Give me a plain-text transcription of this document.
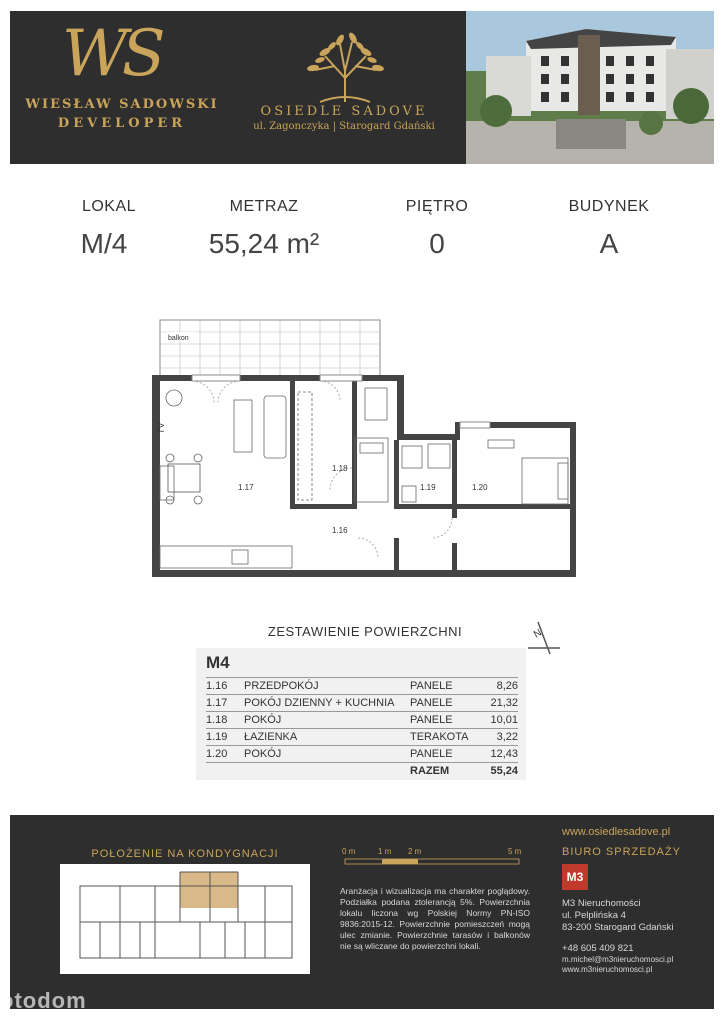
WS
WIESŁAW SADOWSKI
DEVELOPER
OSIEDLE SADOVE
ul. Zagonczyka | Starogard Gdański
LOKAL
M/4
METRAZ
55,24 m²
PIĘTRO
0
BUDYNEK
A
balkon
TV
1.17
1.18
1.16
1.19	1.20
ZESTAWIENIE POWIERZCHNI	N
M4
1.16 PRZEDPOKÓJ	PANELE	8,26
1.17 POKÓJ DZIENNY + KUCHNIA PANELE	21,32
1.18 POKÓJ	PANELE	10,01
1.19 ŁAZIENKA	TERAKOTA	3,22
1.20 POKÓJ	PANELE	12,43
RAZEM	55,24
POŁOŻENIE NA KONDYGNACJI	0 m	1 m 2 m	5 m
Aranżacja i wizualizacja ma charakter poglądowy. Podziałka podana ztolerancją 5%. Powierzchnia lokalu liczona wg Polskiej Normy PN-ISO 9836:2015-12. Powierzchnie pomieszczeń mogą ulec zmianie. Powierzchnie tarasów i balkonów nie są wliczane do powierzchni lokali.
www.osiedlesadove.pl
BIURO SPRZEDAŻY
M3
M3 Nieruchomości
ul. Pelplińska 4
83-200 Starogard Gdański
+48 605 409 821
m.michel@m3nieruchomosci.pl
www.m3nieruchomosci.pl
otodom
